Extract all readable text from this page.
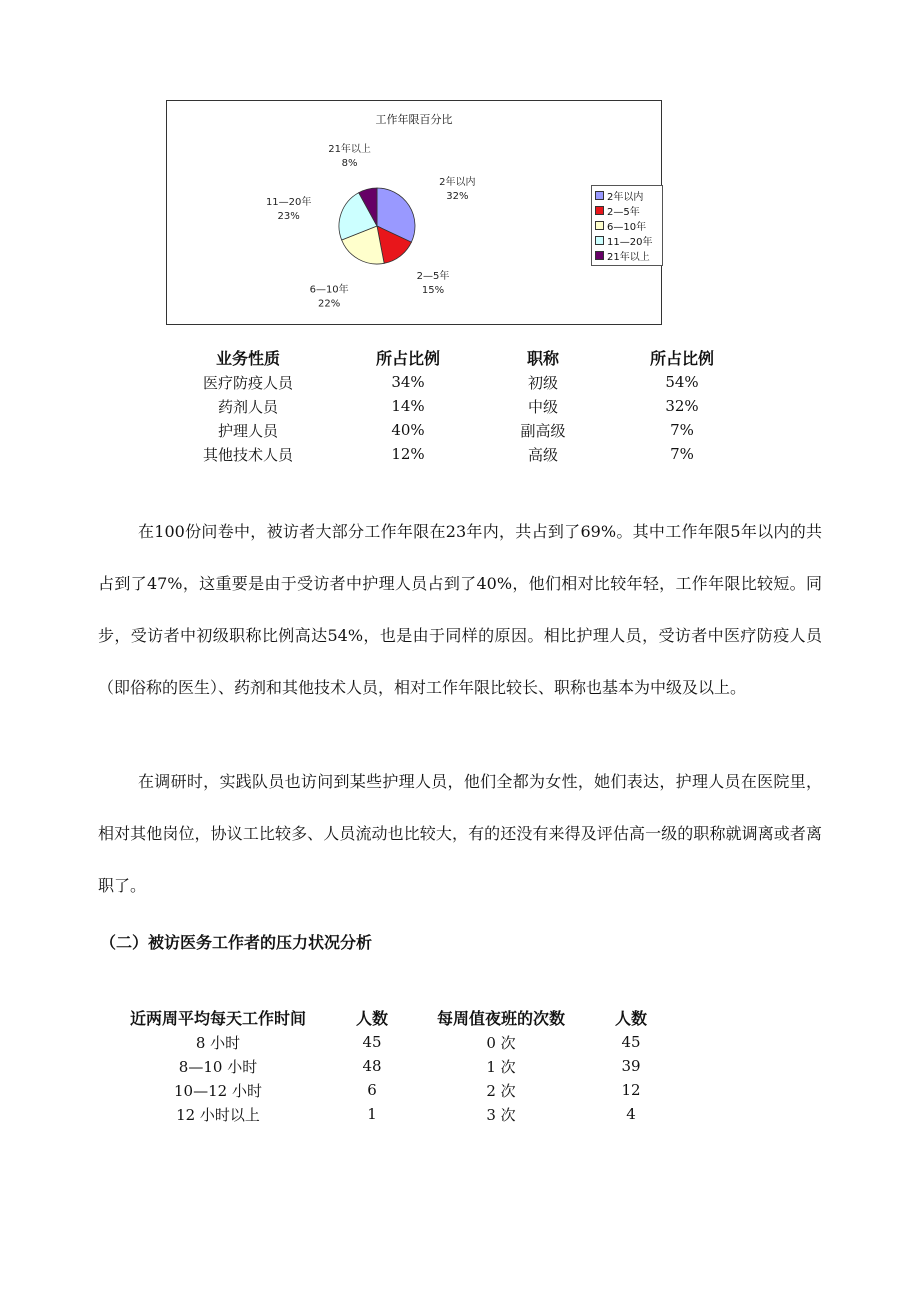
工作年限百分比
2年以内
32%
2—5年
15%
6—10年
22%
11—20年
23%
21年以上
8%
2年以内
2—5年
6—10年
11—20年
21年以上
业务性质	所占比例	职称	所占比例
医疗防疫人员	34%	初级	54%
药剂人员	14%	中级	32%
护理人员	40%	副高级	7%
其他技术人员	12%	高级	7%

在100份问卷中，被访者大部分工作年限在23年内，共占到了69%。其中工作年限5年以内的共占到了47%，这重要是由于受访者中护理人员占到了40%，他们相对比较年轻，工作年限比较短。同步，受访者中初级职称比例高达54%，也是由于同样的原因。相比护理人员，受访者中医疗防疫人员（即俗称的医生）、药剂和其他技术人员，相对工作年限比较长、职称也基本为中级及以上。

在调研时，实践队员也访问到某些护理人员，他们全都为女性，她们表达，护理人员在医院里，相对其他岗位，协议工比较多、人员流动也比较大，有的还没有来得及评估高一级的职称就调离或者离职了。

（二）被访医务工作者的压力状况分析
近两周平均每天工作时间	人数	每周值夜班的次数	人数
8 小时	45	0 次	45
8—10 小时	48	1 次	39
10—12 小时	6	2 次	12
12 小时以上	1	3 次	4
